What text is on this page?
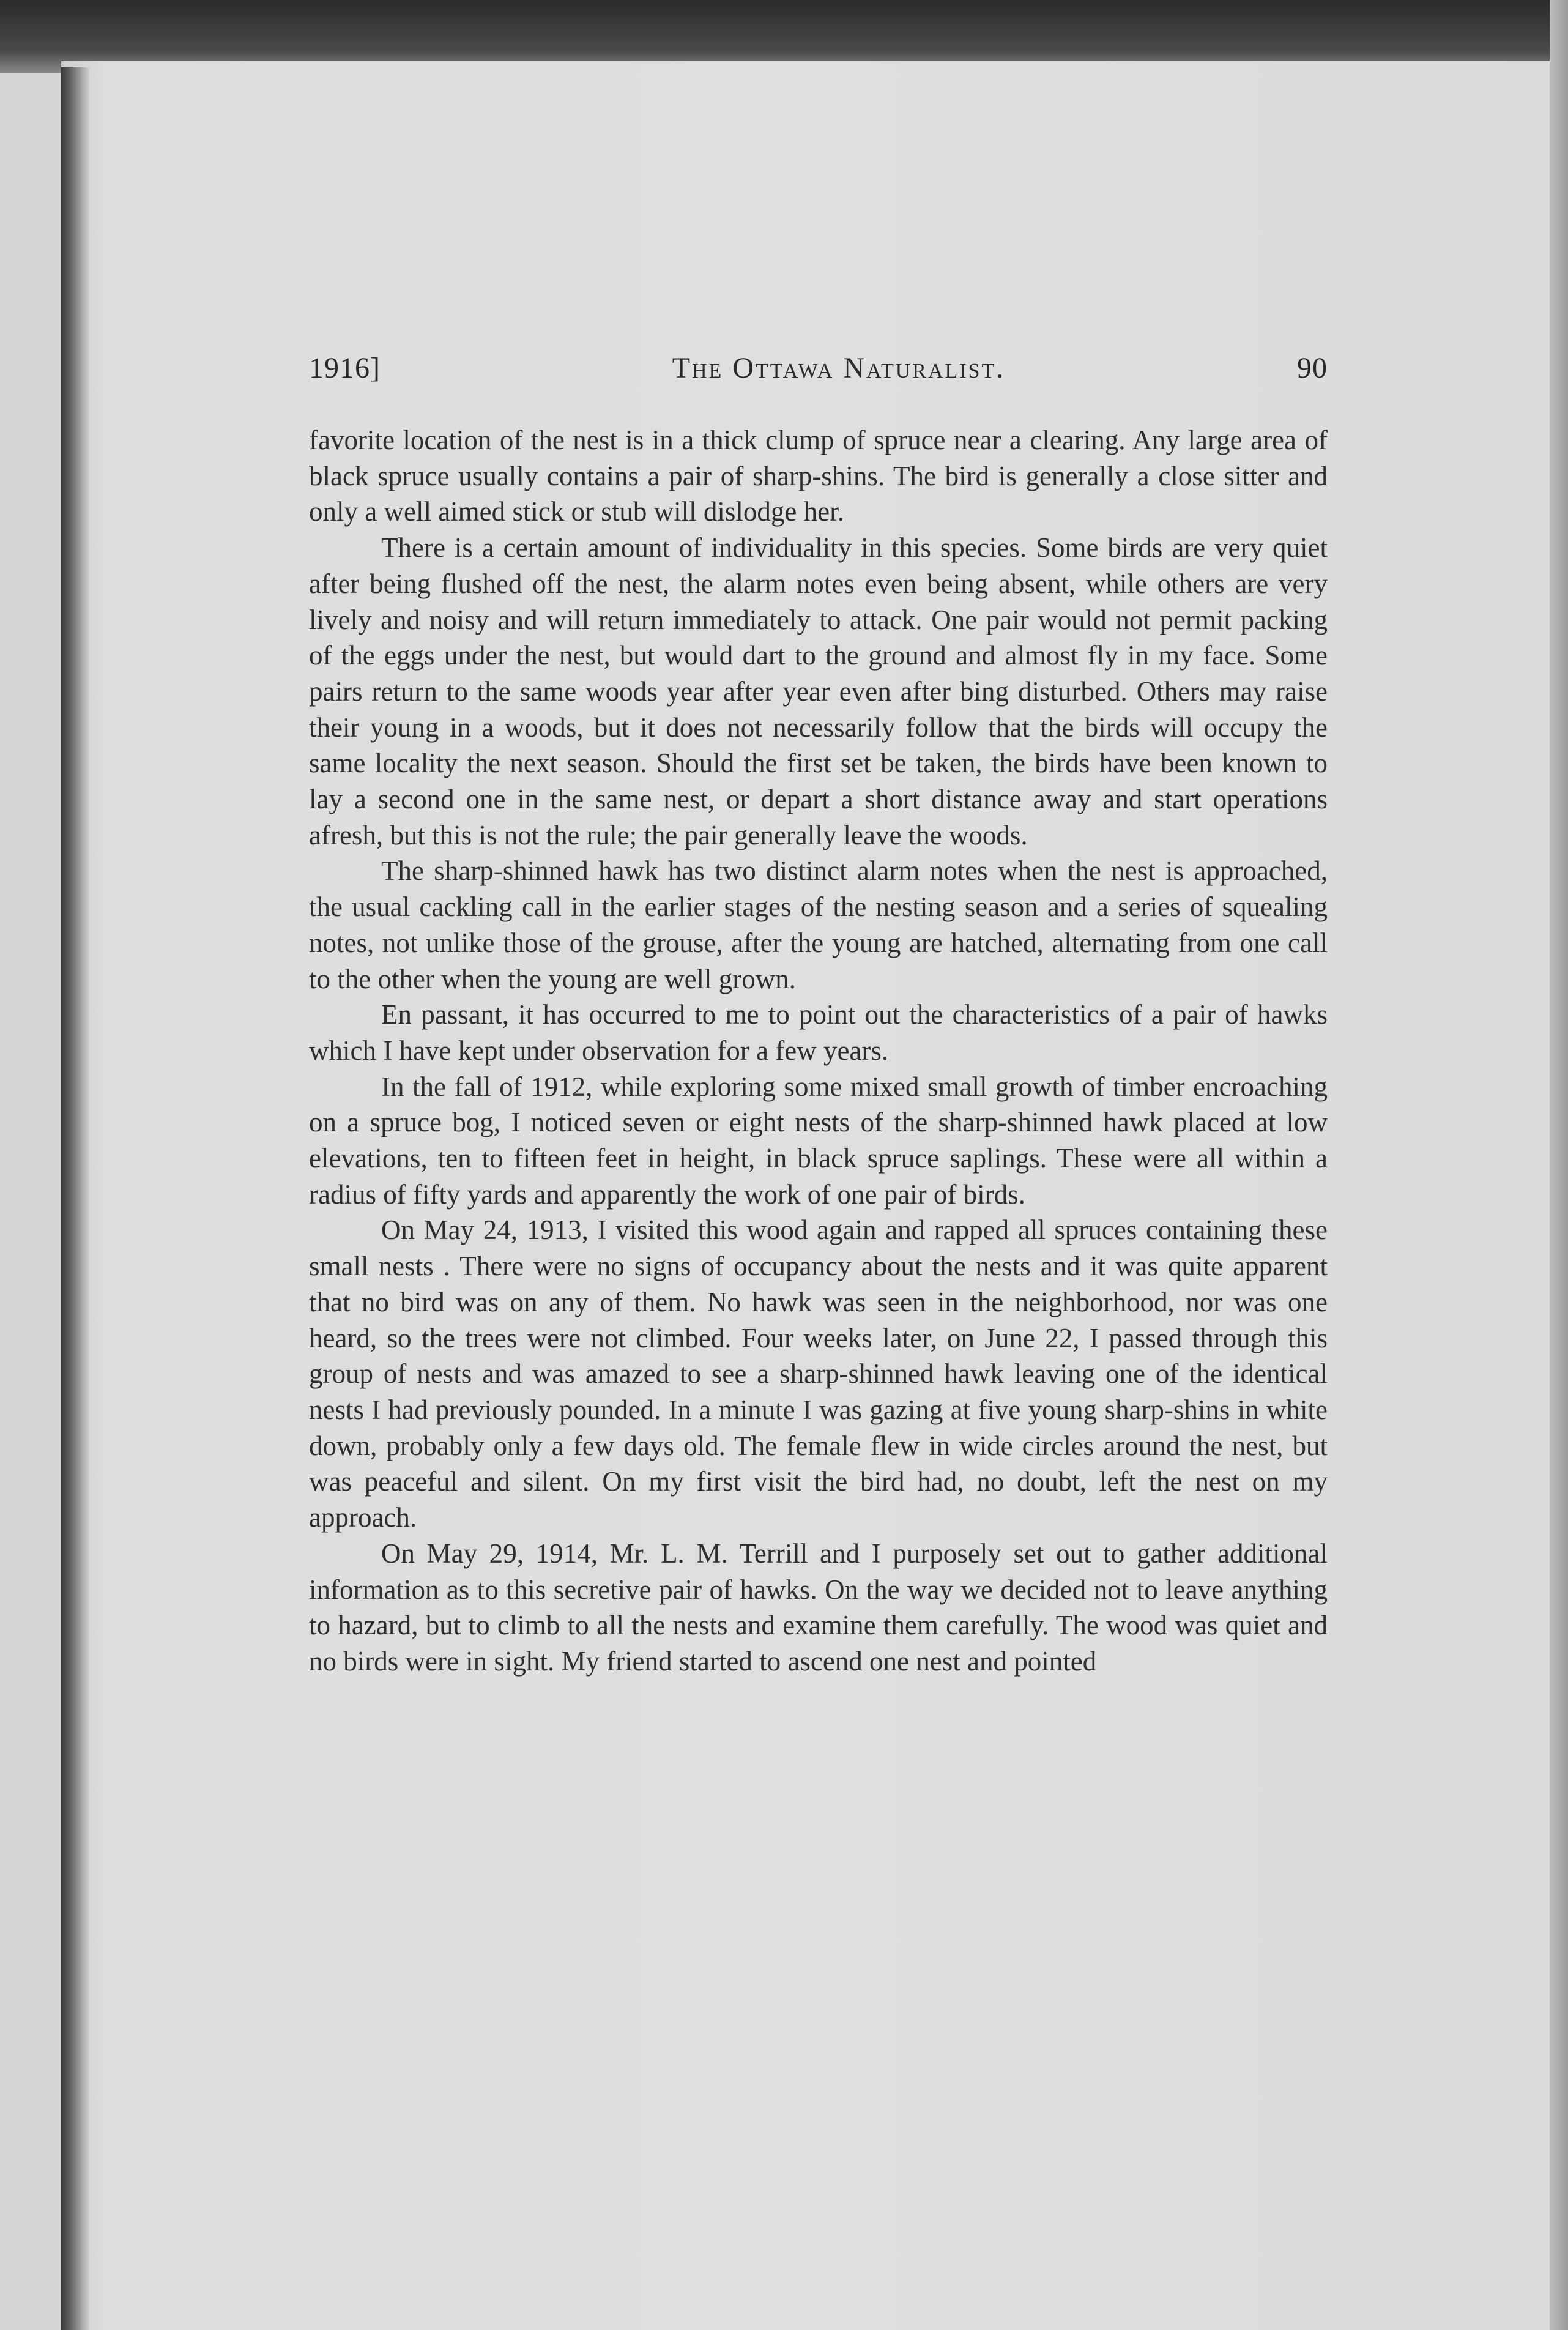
1916]	The Ottawa Naturalist.	90

favorite location of the nest is in a thick clump of spruce near a clearing. Any large area of black spruce usually contains a pair of sharp-shins. The bird is generally a close sitter and only a well aimed stick or stub will dislodge her.

There is a certain amount of individuality in this species. Some birds are very quiet after being flushed off the nest, the alarm notes even being absent, while others are very lively and noisy and will return immediately to attack. One pair would not permit packing of the eggs under the nest, but would dart to the ground and almost fly in my face. Some pairs return to the same woods year after year even after bing disturbed. Others may raise their young in a woods, but it does not necessarily follow that the birds will occupy the same locality the next season. Should the first set be taken, the birds have been known to lay a second one in the same nest, or depart a short distance away and start operations afresh, but this is not the rule; the pair generally leave the woods.

The sharp-shinned hawk has two distinct alarm notes when the nest is approached, the usual cackling call in the earlier stages of the nesting season and a series of squealing notes, not unlike those of the grouse, after the young are hatched, alternating from one call to the other when the young are well grown.

En passant, it has occurred to me to point out the characteristics of a pair of hawks which I have kept under observation for a few years.

In the fall of 1912, while exploring some mixed small growth of timber encroaching on a spruce bog, I noticed seven or eight nests of the sharp-shinned hawk placed at low elevations, ten to fifteen feet in height, in black spruce saplings. These were all within a radius of fifty yards and apparently the work of one pair of birds.

On May 24, 1913, I visited this wood again and rapped all spruces containing these small nests . There were no signs of occupancy about the nests and it was quite apparent that no bird was on any of them. No hawk was seen in the neighborhood, nor was one heard, so the trees were not climbed. Four weeks later, on June 22, I passed through this group of nests and was amazed to see a sharp-shinned hawk leaving one of the identical nests I had previously pounded. In a minute I was gazing at five young sharp-shins in white down, probably only a few days old. The female flew in wide circles around the nest, but was peaceful and silent. On my first visit the bird had, no doubt, left the nest on my approach.

On May 29, 1914, Mr. L. M. Terrill and I purposely set out to gather additional information as to this secretive pair of hawks. On the way we decided not to leave anything to hazard, but to climb to all the nests and examine them carefully. The wood was quiet and no birds were in sight. My friend started to ascend one nest and pointed
